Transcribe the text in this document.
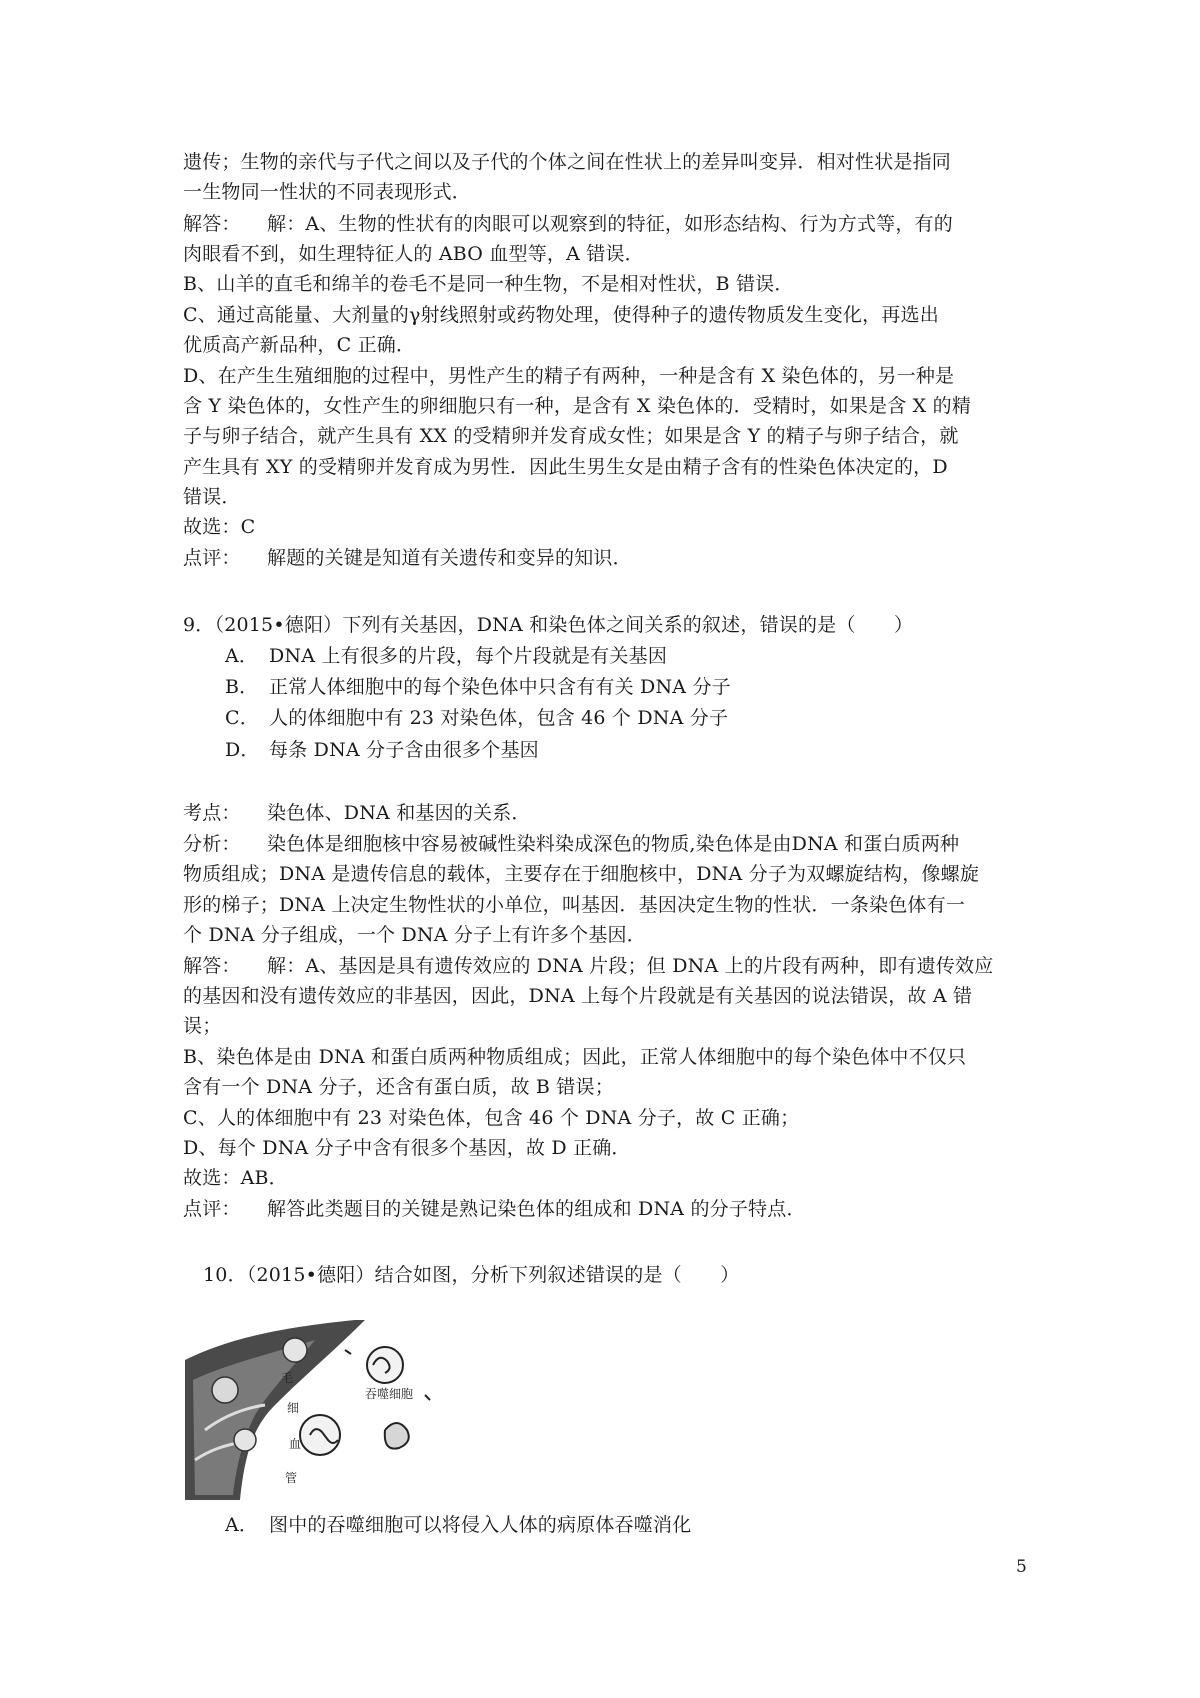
遗传；生物的亲代与子代之间以及子代的个体之间在性状上的差异叫变异．相对性状是指同
一生物同一性状的不同表现形式．
解答： 解：A、生物的性状有的肉眼可以观察到的特征，如形态结构、行为方式等，有的
肉眼看不到，如生理特征人的 ABO 血型等，A 错误．
B、山羊的直毛和绵羊的卷毛不是同一种生物，不是相对性状，B 错误．
C、通过高能量、大剂量的γ射线照射或药物处理，使得种子的遗传物质发生变化，再选出
优质高产新品种，C 正确．
D、在产生生殖细胞的过程中，男性产生的精子有两种，一种是含有 X 染色体的，另一种是
含 Y 染色体的，女性产生的卵细胞只有一种，是含有 X 染色体的．受精时，如果是含 X 的精
子与卵子结合，就产生具有 XX 的受精卵并发育成女性；如果是含 Y 的精子与卵子结合，就
产生具有 XY 的受精卵并发育成为男性．因此生男生女是由精子含有的性染色体决定的，D
错误．
故选：C
点评： 解题的关键是知道有关遗传和变异的知识．
9．（2015•德阳）下列有关基因，DNA 和染色体之间关系的叙述，错误的是（　　）
A． DNA 上有很多的片段，每个片段就是有关基因
B． 正常人体细胞中的每个染色体中只含有有关 DNA 分子
C． 人的体细胞中有 23 对染色体，包含 46 个 DNA 分子
D． 每条 DNA 分子含由很多个基因
考点： 染色体、DNA 和基因的关系．
分析： 染色体是细胞核中容易被碱性染料染成深色的物质,染色体是由DNA 和蛋白质两种
物质组成；DNA 是遗传信息的载体，主要存在于细胞核中，DNA 分子为双螺旋结构，像螺旋
形的梯子；DNA 上决定生物性状的小单位，叫基因．基因决定生物的性状．一条染色体有一
个 DNA 分子组成，一个 DNA 分子上有许多个基因．
解答： 解：A、基因是具有遗传效应的 DNA 片段；但 DNA 上的片段有两种，即有遗传效应
的基因和没有遗传效应的非基因，因此，DNA 上每个片段就是有关基因的说法错误，故 A 错
误；
B、染色体是由 DNA 和蛋白质两种物质组成；因此，正常人体细胞中的每个染色体中不仅只
含有一个 DNA 分子，还含有蛋白质，故 B 错误；
C、人的体细胞中有 23 对染色体，包含 46 个 DNA 分子，故 C 正确；
D、每个 DNA 分子中含有很多个基因，故 D 正确．
故选：AB．
点评： 解答此类题目的关键是熟记染色体的组成和 DNA 的分子特点．
10．（2015•德阳）结合如图，分析下列叙述错误的是（　　）
吞噬细胞
毛
细
血
管
A． 图中的吞噬细胞可以将侵入人体的病原体吞噬消化
5
